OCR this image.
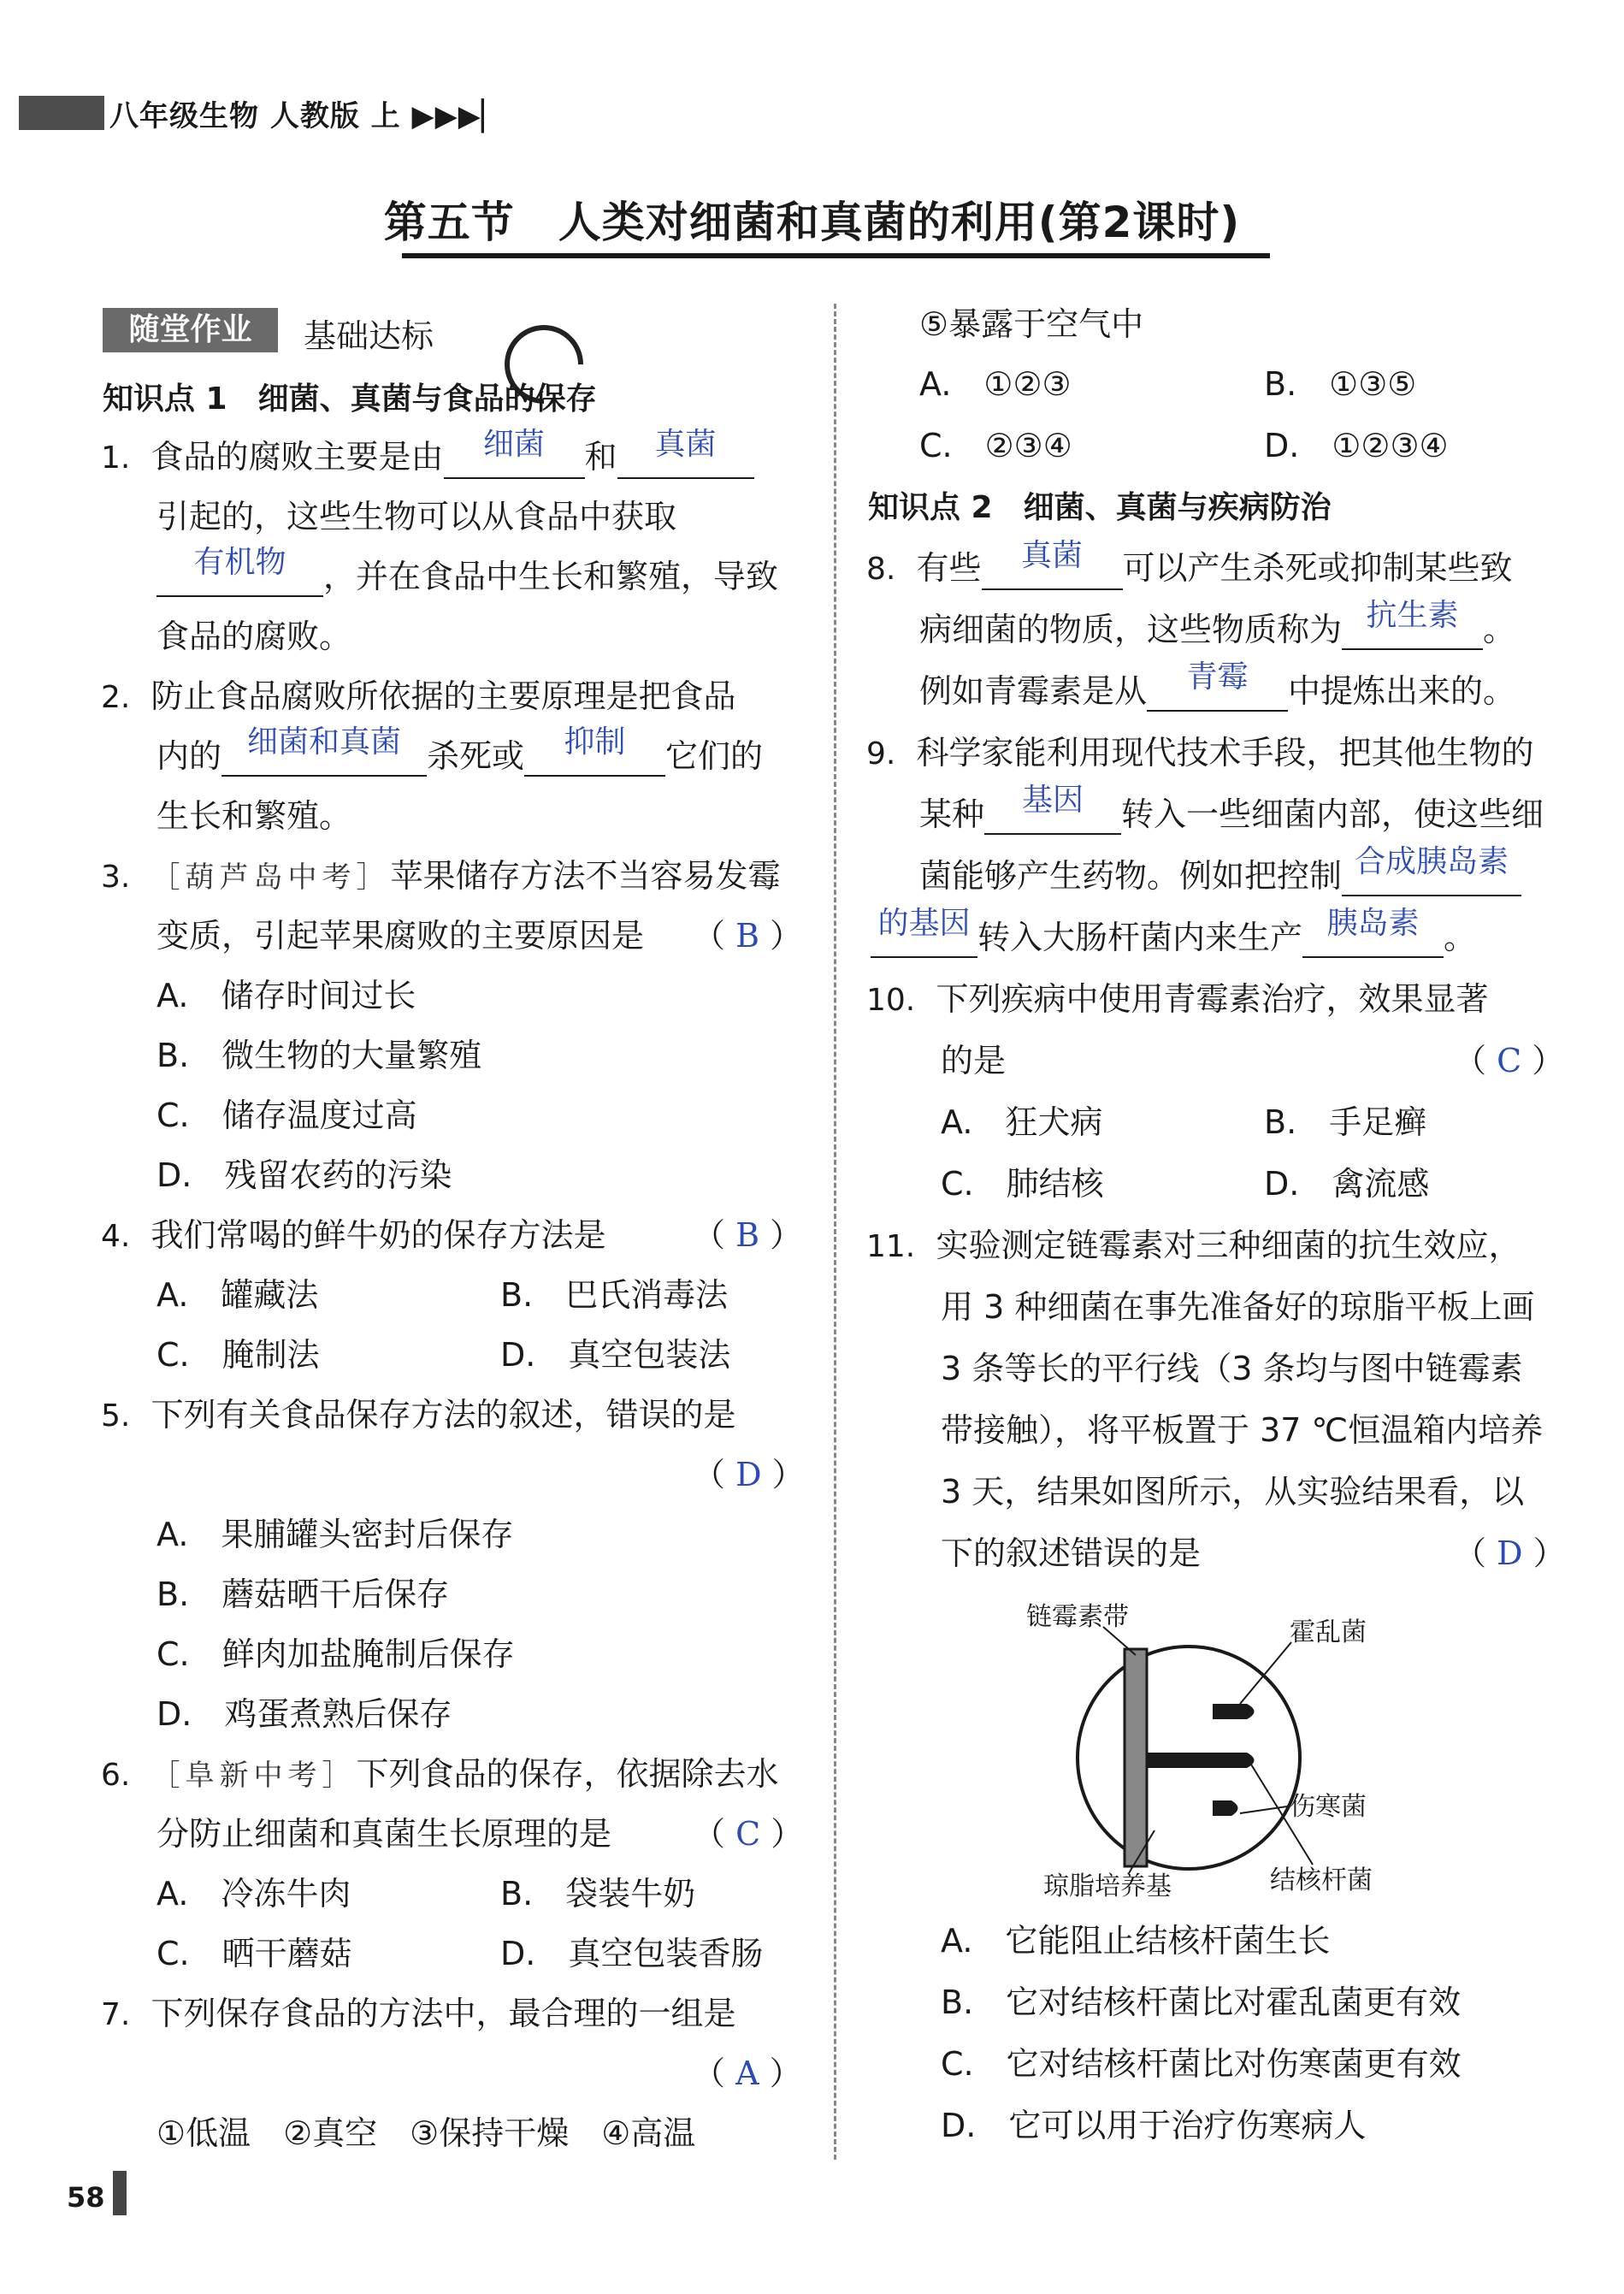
八年级生物 人教版 上 ▶▶▶▏
第五节　人类对细菌和真菌的利用(第2课时)
随堂作业	基础达标
知识点 1　细菌、真菌与食品的保存
1. 食品的腐败主要是由	细菌	和	真菌
引起的，这些生物可以从食品中获取
有机物	，并在食品中生长和繁殖，导致
食品的腐败。
2. 防止食品腐败所依据的主要原理是把食品
内的 细菌和真菌 杀死或	抑制	它们的
生长和繁殖。
3. ［葫芦岛中考］苹果储存方法不当容易发霉
变质，引起苹果腐败的主要原因是 （ B ）
A.　储存时间过长
B.　微生物的大量繁殖
C.　储存温度过高
D.　残留农药的污染
4. 我们常喝的鲜牛奶的保存方法是	（ B ）
A.　罐藏法	B.　巴氏消毒法
C.　腌制法	D.　真空包装法
5. 下列有关食品保存方法的叙述，错误的是
（ D ）
A.　果脯罐头密封后保存
B.　蘑菇晒干后保存
C.　鲜肉加盐腌制后保存
D.　鸡蛋煮熟后保存
6. ［阜新中考］下列食品的保存，依据除去水
分防止细菌和真菌生长原理的是 （ C ）
A.　冷冻牛肉	B.　袋装牛奶
C.　晒干蘑菇	D.　真空包装香肠
7. 下列保存食品的方法中，最合理的一组是
（ A ）
①低温　②真空　③保持干燥　④高温
⑤暴露于空气中
A.　①②③	B.　①③⑤
C.　②③④	D.　①②③④
知识点 2　细菌、真菌与疾病防治
8. 有些	真菌	可以产生杀死或抑制某些致
病细菌的物质，这些物质称为 抗生素 。
例如青霉素是从	青霉	中提炼出来的。
9. 科学家能利用现代技术手段，把其他生物的
某种	基因	转入一些细菌内部，使这些细
菌能够产生药物。例如把控制 合成胰岛素
的基因 转入大肠杆菌内来生产 胰岛素 。
10. 下列疾病中使用青霉素治疗，效果显著
的是	（ C ）
A.　狂犬病	B.　手足癣
C.　肺结核	D.　禽流感
11. 实验测定链霉素对三种细菌的抗生效应，
用 3 种细菌在事先准备好的琼脂平板上画
3 条等长的平行线（3 条均与图中链霉素
带接触），将平板置于 37 ℃恒温箱内培养
3 天，结果如图所示，从实验结果看，以
下的叙述错误的是	（ D ）
链霉素带
霍乱菌
伤寒菌
琼脂培养基	结核杆菌
A.　它能阻止结核杆菌生长
B.　它对结核杆菌比对霍乱菌更有效
C.　它对结核杆菌比对伤寒菌更有效
D.　它可以用于治疗伤寒病人
58
